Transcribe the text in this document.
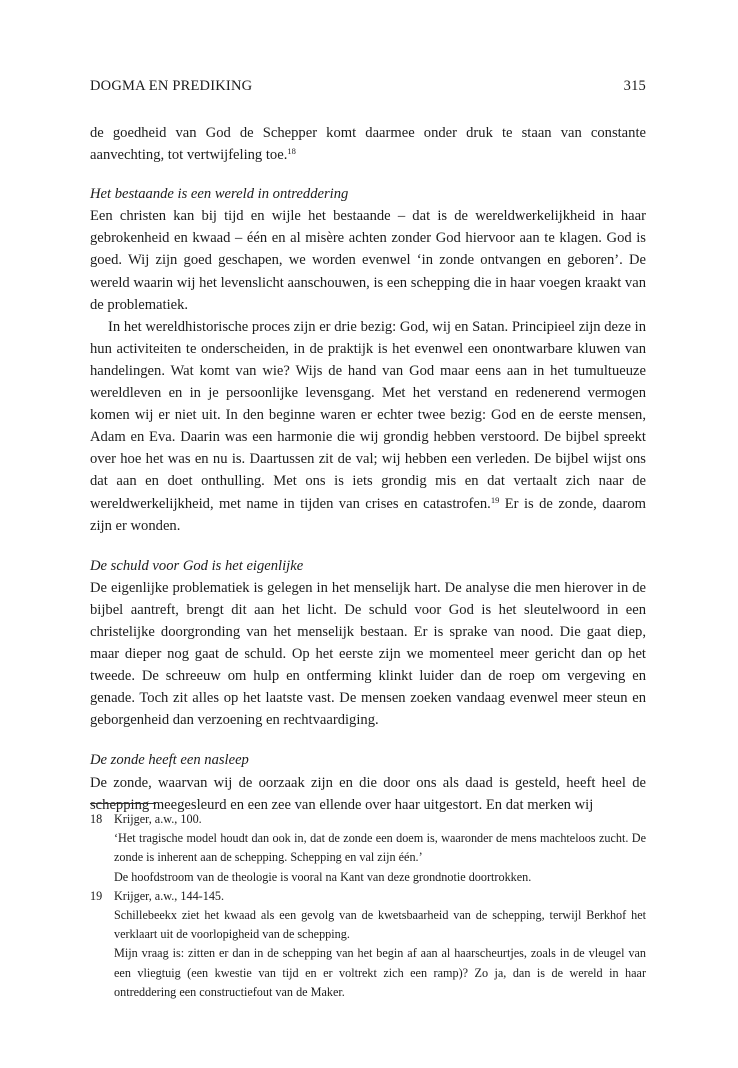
DOGMA EN PREDIKING	315

de goedheid van God de Schepper komt daarmee onder druk te staan van constante aanvechting, tot vertwijfeling toe.$^{18}$

Het bestaande is een wereld in ontreddering

Een christen kan bij tijd en wijle het bestaande – dat is de wereldwerkelijkheid in haar gebrokenheid en kwaad – één en al misère achten zonder God hiervoor aan te klagen. God is goed. Wij zijn goed geschapen, we worden evenwel ‘in zonde ontvangen en geboren’. De wereld waarin wij het levenslicht aanschouwen, is een schepping die in haar voegen kraakt van de problematiek.

In het wereldhistorische proces zijn er drie bezig: God, wij en Satan. Principieel zijn deze in hun activiteiten te onderscheiden, in de praktijk is het evenwel een onontwarbare kluwen van handelingen. Wat komt van wie? Wijs de hand van God maar eens aan in het tumultueuze wereldleven en in je persoonlijke levensgang. Met het verstand en redenerend vermogen komen wij er niet uit. In den beginne waren er echter twee bezig: God en de eerste mensen, Adam en Eva. Daarin was een harmonie die wij grondig hebben verstoord. De bijbel spreekt over hoe het was en nu is. Daartussen zit de val; wij hebben een verleden. De bijbel wijst ons dat aan en doet onthulling. Met ons is iets grondig mis en dat vertaalt zich naar de wereldwerkelijkheid, met name in tijden van crises en catastrofen.$^{19}$ Er is de zonde, daarom zijn er wonden.

De schuld voor God is het eigenlijke

De eigenlijke problematiek is gelegen in het menselijk hart. De analyse die men hierover in de bijbel aantreft, brengt dit aan het licht. De schuld voor God is het sleutelwoord in een christelijke doorgronding van het menselijk bestaan. Er is sprake van nood. Die gaat diep, maar dieper nog gaat de schuld. Op het eerste zijn we momenteel meer gericht dan op het tweede. De schreeuw om hulp en ontferming klinkt luider dan de roep om vergeving en genade. Toch zit alles op het laatste vast. De mensen zoeken vandaag evenwel meer steun en geborgenheid dan verzoening en rechtvaardiging.

De zonde heeft een nasleep

De zonde, waarvan wij de oorzaak zijn en die door ons als daad is gesteld, heeft heel de schepping meegesleurd en een zee van ellende over haar uitgestort. En dat merken wij

18 Krijger, a.w., 100.

‘Het tragische model houdt dan ook in, dat de zonde een doem is, waaronder de mens machteloos zucht. De zonde is inherent aan de schepping. Schepping en val zijn één.’

De hoofdstroom van de theologie is vooral na Kant van deze grondnotie doortrokken.

19 Krijger, a.w., 144-145.

Schillebeekx ziet het kwaad als een gevolg van de kwetsbaarheid van de schepping, terwijl Berkhof het verklaart uit de voorlopigheid van de schepping.

Mijn vraag is: zitten er dan in de schepping van het begin af aan al haarscheurtjes, zoals in de vleugel van een vliegtuig (een kwestie van tijd en er voltrekt zich een ramp)? Zo ja, dan is de wereld in haar ontreddering een constructiefout van de Maker.
